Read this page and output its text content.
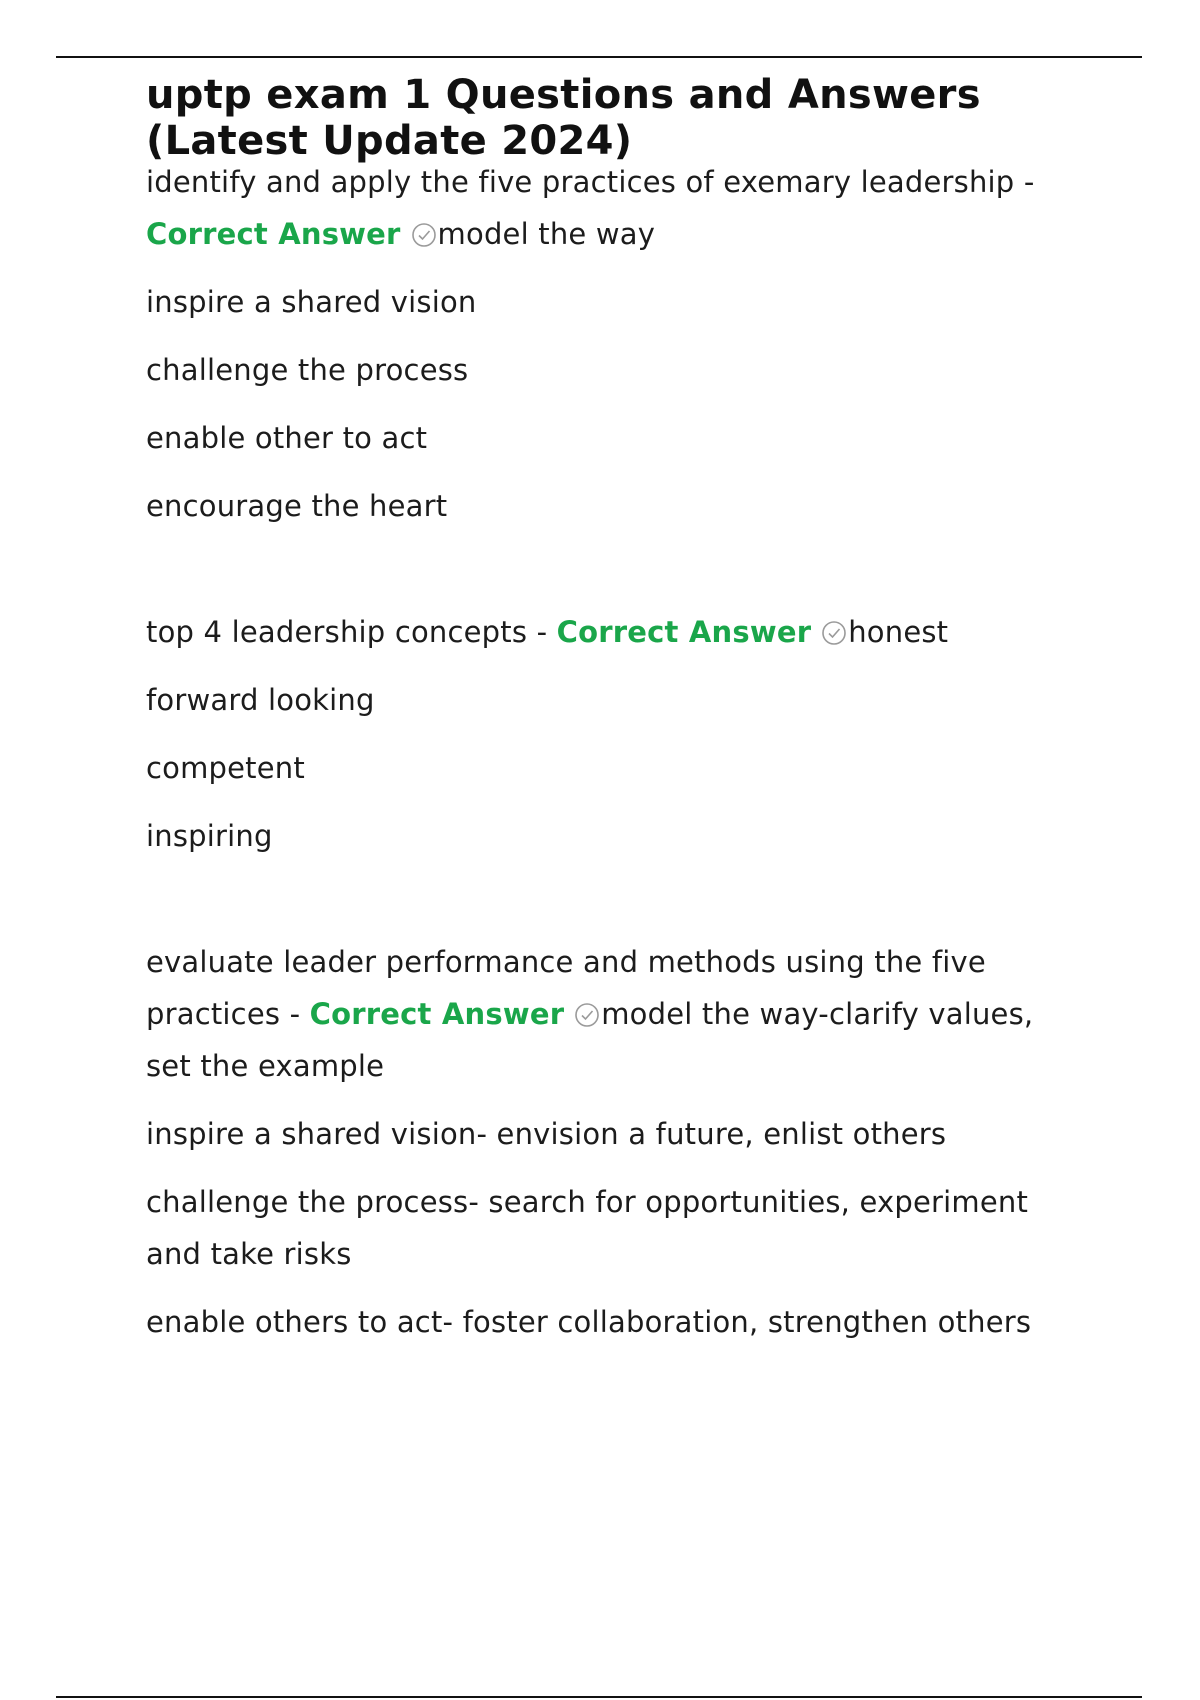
uptp exam 1 Questions and Answers (Latest Update 2024)

identify and apply the five practices of exemary leadership - Correct Answer model the way

inspire a shared vision

challenge the process

enable other to act

encourage the heart

top 4 leadership concepts - Correct Answer honest

forward looking

competent

inspiring

evaluate leader performance and methods using the five practices - Correct Answer model the way-clarify values, set the example

inspire a shared vision- envision a future, enlist others

challenge the process- search for opportunities, experiment and take risks

enable others to act- foster collaboration, strengthen others
